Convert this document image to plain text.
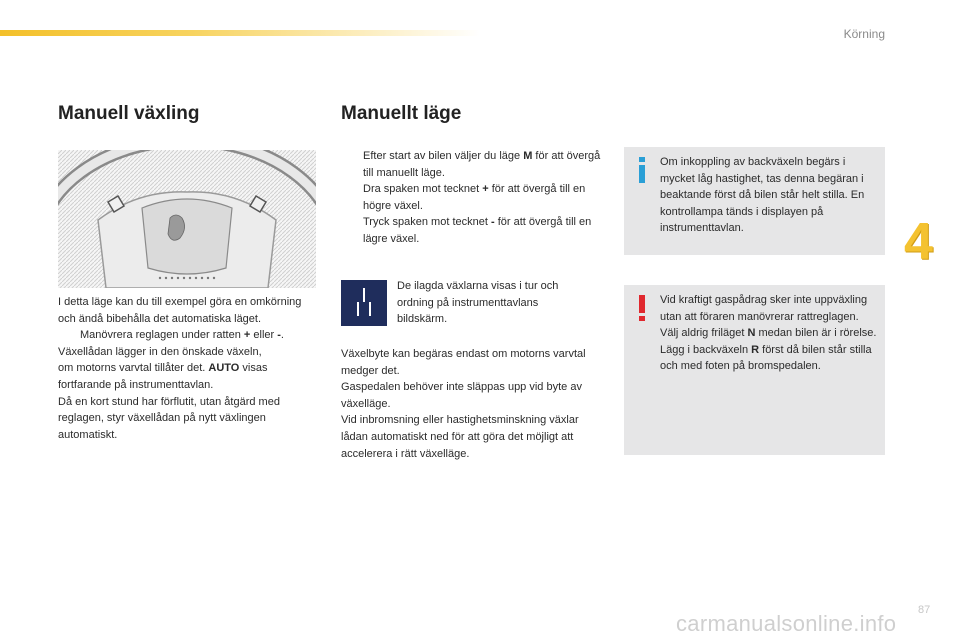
Körning
4
Manuell växling	Manuellt läge

I detta läge kan du till exempel göra en omkörning och ändå bibehålla det automatiska läget.

Manövrera reglagen under ratten + eller -.

Växellådan lägger in den önskade växeln,

om motorns varvtal tillåter det. AUTO visas

fortfarande på instrumenttavlan.

Då en kort stund har förflutit, utan åtgärd med reglagen, styr växellådan på nytt växlingen automatiskt.

Efter start av bilen väljer du läge M för att övergå till manuellt läge.

Dra spaken mot tecknet + för att övergå till en högre växel.

Tryck spaken mot tecknet - för att övergå till en lägre växel.

De ilagda växlarna visas i tur och ordning på instrumenttavlans bildskärm.

Växelbyte kan begäras endast om motorns varvtal medger det.

Gaspedalen behöver inte släppas upp vid byte av växelläge.

Vid inbromsning eller hastighetsminskning växlar lådan automatiskt ned för att göra det möjligt att accelerera i rätt växelläge.

Om inkoppling av backväxeln begärs i mycket låg hastighet, tas denna begäran i beaktande först då bilen står helt stilla. En kontrollampa tänds i displayen på instrumenttavlan.

Vid kraftigt gaspådrag sker inte uppväxling utan att föraren manövrerar rattreglagen.

Välj aldrig friläget N medan bilen är i rörelse.

Lägg i backväxeln R först då bilen står stilla och med foten på bromspedalen.

carmanualsonline.info
87
